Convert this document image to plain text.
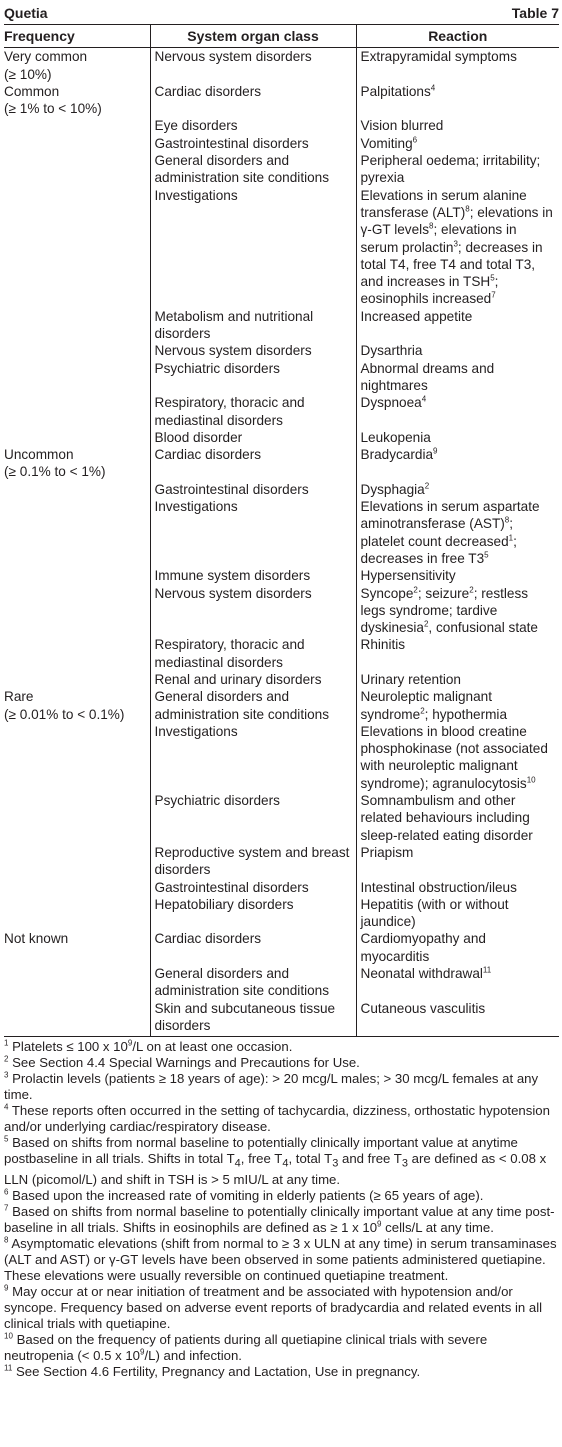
Quetia	Table 7
Frequency	System organ class	Reaction
Very common
(≥ 10%)	Nervous system disorders	Extrapyramidal symptoms
Common
(≥ 1% to < 10%)	Cardiac disorders	Palpitations$^4$
	Eye disorders	Vision blurred
	Gastrointestinal disorders	Vomiting$^6$
	General disorders and administration site conditions	Peripheral oedema; irritability; pyrexia
	Investigations	Elevations in serum alanine transferase (ALT)$^8$; elevations in γ-GT levels$^8$; elevations in serum prolactin$^3$; decreases in total T4, free T4 and total T3, and increases in TSH$^5$; eosinophils increased$^7$
	Metabolism and nutritional disorders	Increased appetite
	Nervous system disorders	Dysarthria
	Psychiatric disorders	Abnormal dreams and nightmares
	Respiratory, thoracic and mediastinal disorders	Dyspnoea$^4$
	Blood disorder	Leukopenia
Uncommon
(≥ 0.1% to < 1%)	Cardiac disorders	Bradycardia$^9$
	Gastrointestinal disorders	Dysphagia$^2$
	Investigations	Elevations in serum aspartate aminotransferase (AST)$^8$; platelet count decreased$^1$; decreases in free $T3^5$
	Immune system disorders	Hypersensitivity
	Nervous system disorders	Syncope$^2$; seizure$^2$; restless legs syndrome; tardive dyskinesia$^2$, confusional state
	Respiratory, thoracic and mediastinal disorders	Rhinitis
	Renal and urinary disorders	Urinary retention
Rare
(≥ 0.01% to < 0.1%)	General disorders and administration site conditions	Neuroleptic malignant syndrome$^2$; hypothermia
	Investigations	Elevations in blood creatine phosphokinase (not associated with neuroleptic malignant syndrome); agranulocytosis$^{10}$
	Psychiatric disorders	Somnambulism and other related behaviours including sleep-related eating disorder
	Reproductive system and breast disorders	Priapism
	Gastrointestinal disorders	Intestinal obstruction/ileus
	Hepatobiliary disorders	Hepatitis (with or without jaundice)
Not known	Cardiac disorders	Cardiomyopathy and myocarditis
	General disorders and administration site conditions	Neonatal withdrawal$^{11}$
	Skin and subcutaneous tissue disorders	Cutaneous vasculitis

$^1$ Platelets ≤ 100 x $10^9/L$ on at least one occasion.

$^2$ See Section 4.4 Special Warnings and Precautions for Use.

$^3$ Prolactin levels (patients ≥ 18 years of age): > 20 mcg/L males; > 30 mcg/L females at any time.

$^4$ These reports often occurred in the setting of tachycardia, dizziness, orthostatic hypotension and/or underlying cardiac/respiratory disease.

$^5$ Based on shifts from normal baseline to potentially clinically important value at anytime postbaseline in all trials. Shifts in total $T_4$, free $T_4$, total $T_3$ and free $T_3$ are defined as < 0.08 x LLN (picomol/L) and shift in TSH is > 5 mIU/L at any time.

$^6$ Based upon the increased rate of vomiting in elderly patients (≥ 65 years of age).

$^7$ Based on shifts from normal baseline to potentially clinically important value at any time post-baseline in all trials. Shifts in eosinophils are defined as ≥ 1 x $10^9$ cells/L at any time.

$^8$ Asymptomatic elevations (shift from normal to ≥ 3 x ULN at any time) in serum transaminases (ALT and AST) or γ-GT levels have been observed in some patients administered quetiapine. These elevations were usually reversible on continued quetiapine treatment.

$^9$ May occur at or near initiation of treatment and be associated with hypotension and/or syncope. Frequency based on adverse event reports of bradycardia and related events in all clinical trials with quetiapine.

$^{10}$ Based on the frequency of patients during all quetiapine clinical trials with severe neutropenia (< 0.5 x $10^9/L$) and infection.

$^{11}$ See Section 4.6 Fertility, Pregnancy and Lactation, Use in pregnancy.
